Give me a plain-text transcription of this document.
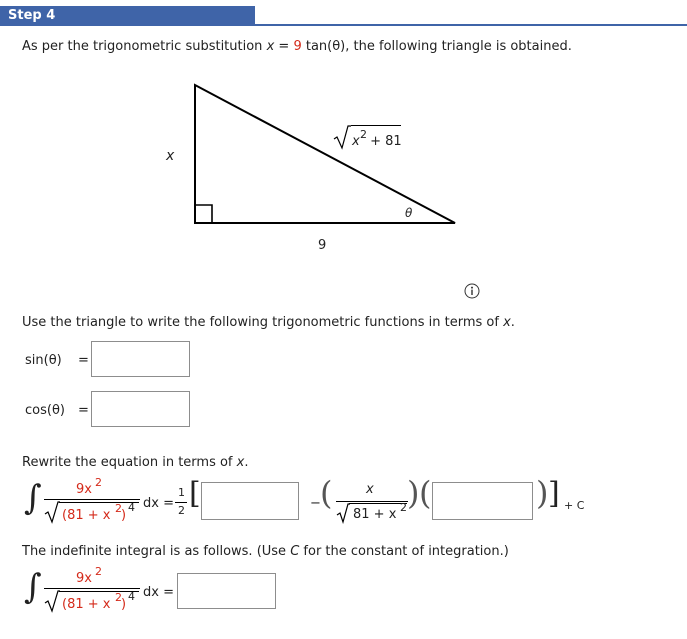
Step 4
As per the trigonometric substitution x = 9 tan(θ), the following triangle is obtained.
x
9
θ
x 2 + 81
Use the triangle to write the following trigonometric functions in terms of x.
sin(θ) =
cos(θ) =
Rewrite the equation in terms of x.
∫	9x 2
(81 + x 2 )
4 dx =
1
2 [	− (	x
81 + x 2 ) (	) ] + C
The indefinite integral is as follows. (Use C for the constant of integration.)
∫	9x 2
(81 + x 2 )
4 dx =
